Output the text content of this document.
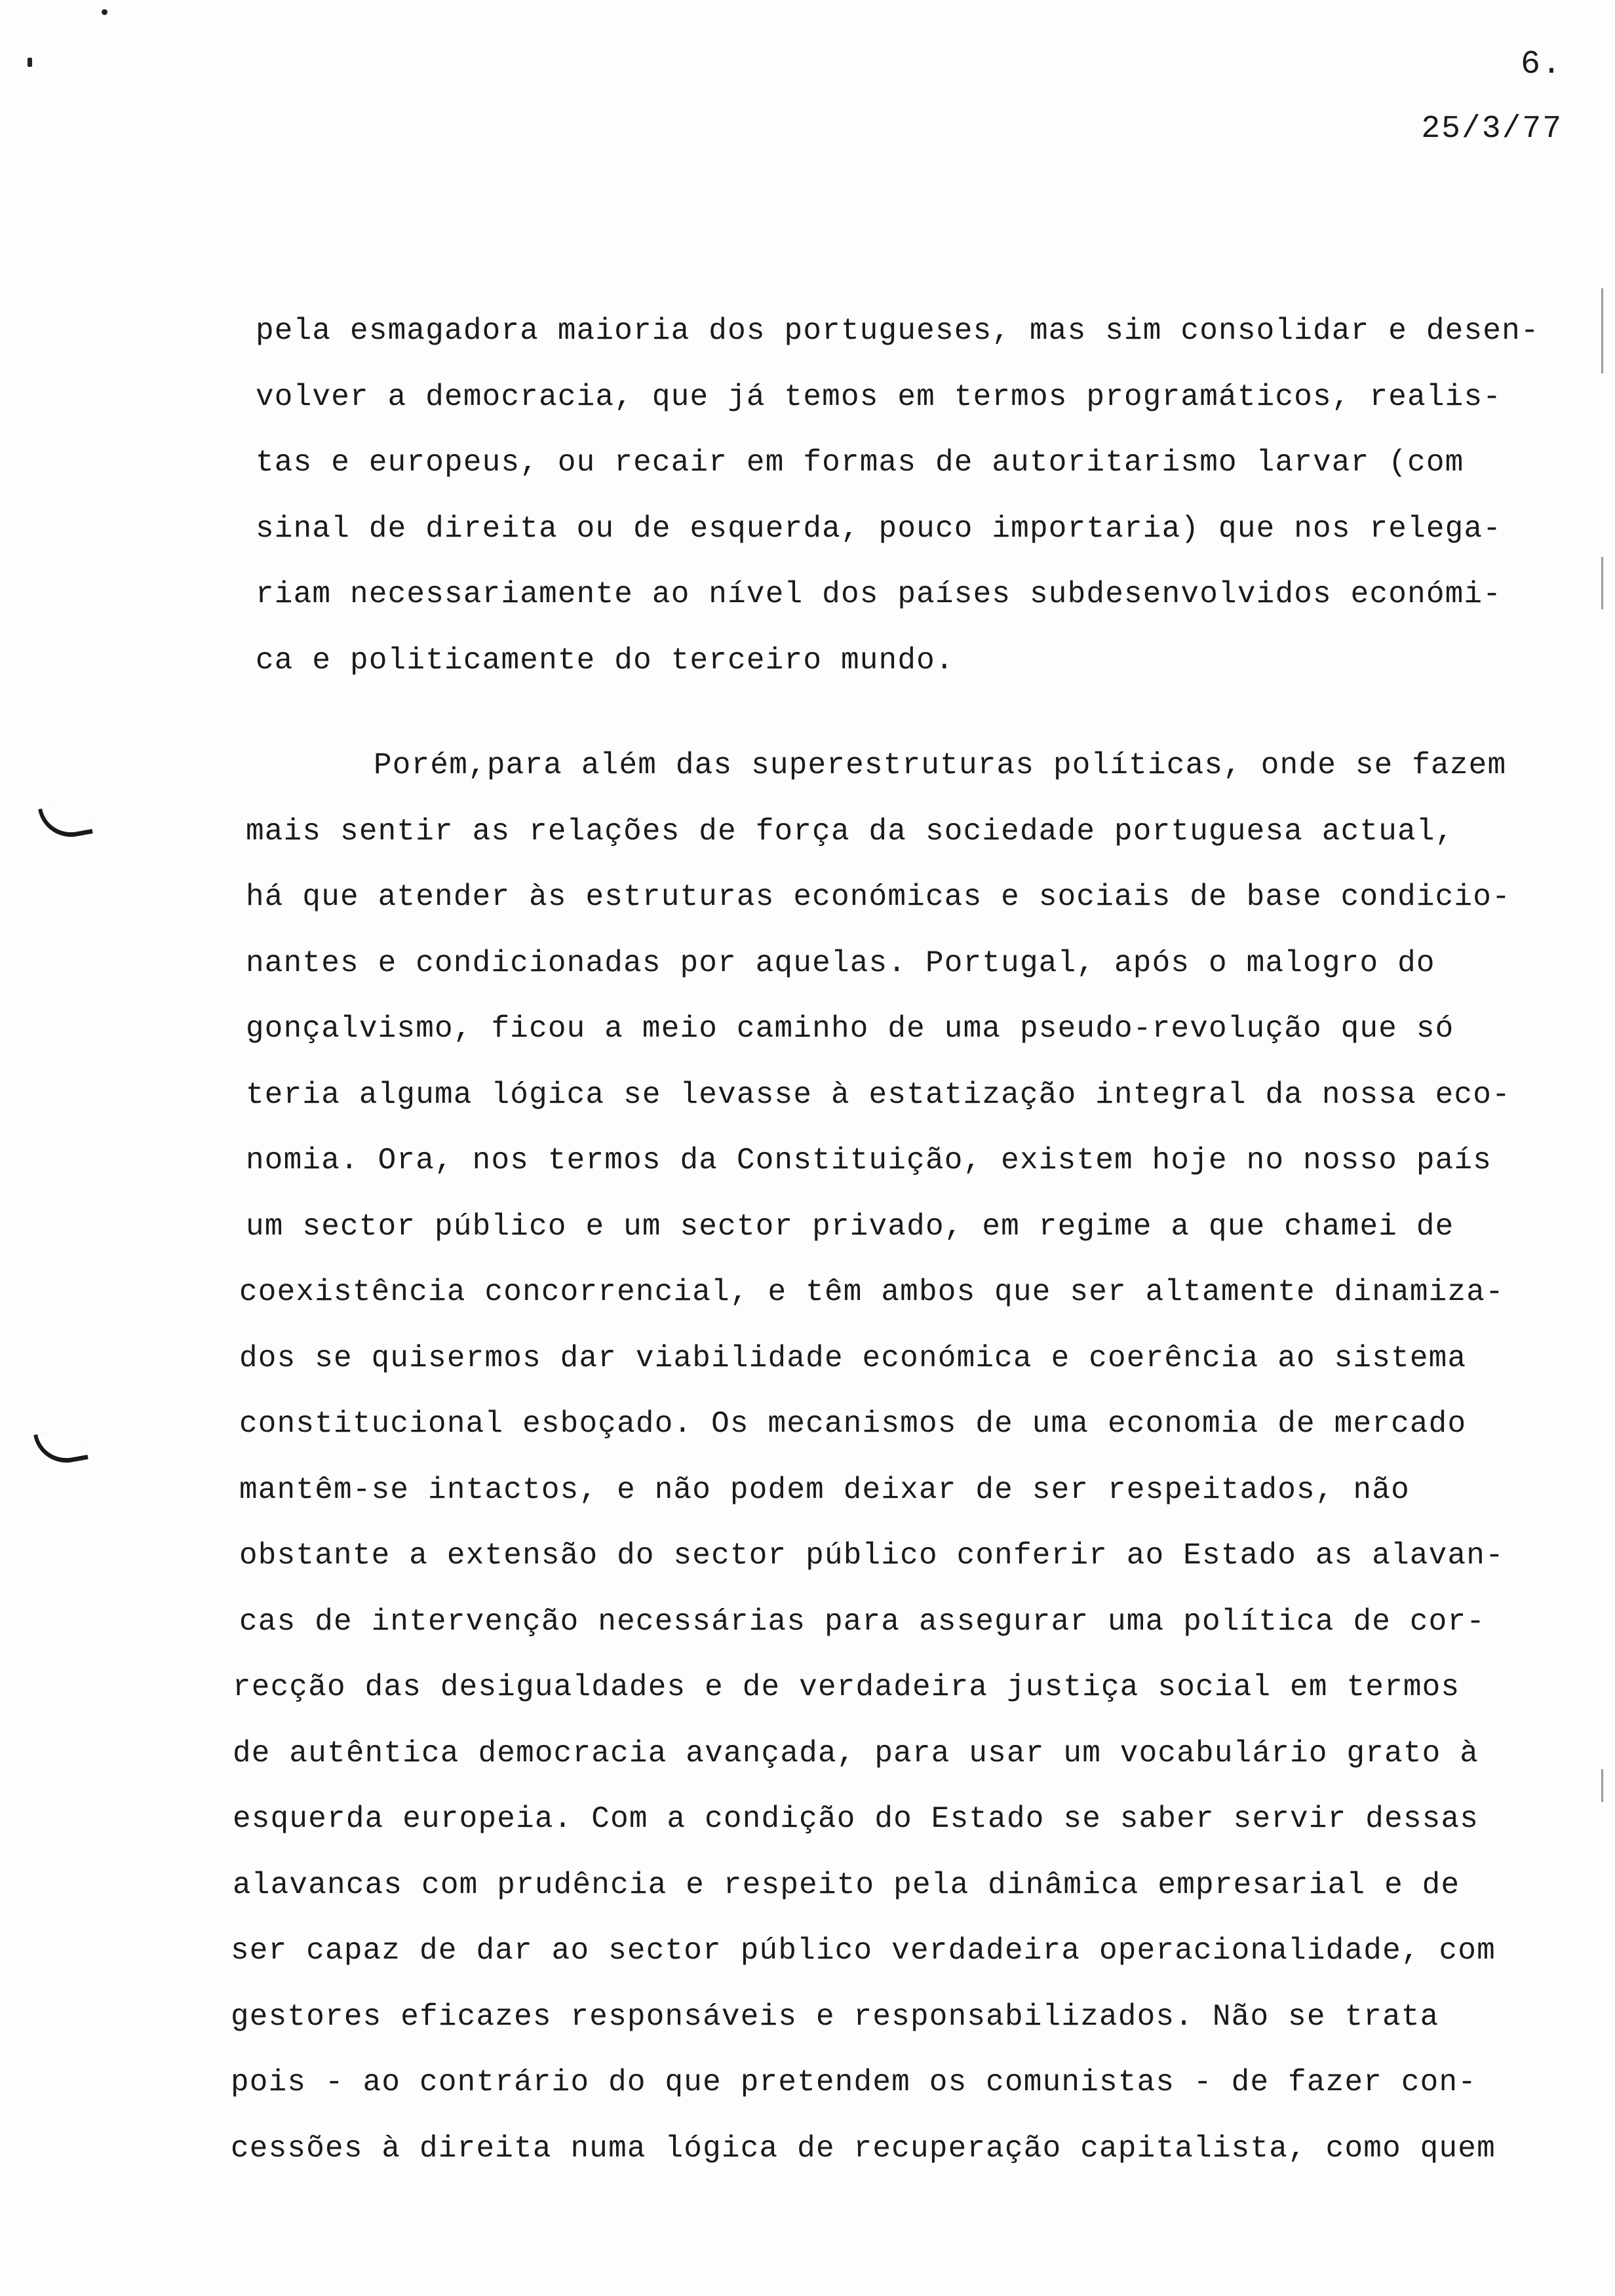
6.
25/3/77

pela esmagadora maioria dos portugueses, mas sim consolidar e desen-
volver a democracia, que já temos em termos programáticos, realis-
tas e europeus, ou recair em formas de autoritarismo larvar (com
sinal de direita ou de esquerda, pouco importaria) que nos relega-
riam necessariamente ao nível dos países subdesenvolvidos económi-
ca e politicamente do terceiro mundo.

Porém,para além das superestruturas políticas, onde se fazem
mais sentir as relações de força da sociedade portuguesa actual,
há que atender às estruturas económicas e sociais de base condicio-
nantes e condicionadas por aquelas. Portugal, após o malogro do
gonçalvismo, ficou a meio caminho de uma pseudo-revolução que só
teria alguma lógica se levasse à estatização integral da nossa eco-
nomia. Ora, nos termos da Constituição, existem hoje no nosso país
um sector público e um sector privado, em regime a que chamei de
coexistência concorrencial, e têm ambos que ser altamente dinamiza-
dos se quisermos dar viabilidade económica e coerência ao sistema
constitucional esboçado. Os mecanismos de uma economia de mercado
mantêm-se intactos, e não podem deixar de ser respeitados, não
obstante a extensão do sector público conferir ao Estado as alavan-
cas de intervenção necessárias para assegurar uma política de cor-
recção das desigualdades e de verdadeira justiça social em termos
de autêntica democracia avançada, para usar um vocabulário grato à
esquerda europeia. Com a condição do Estado se saber servir dessas
alavancas com prudência e respeito pela dinâmica empresarial e de
ser capaz de dar ao sector público verdadeira operacionalidade, com
gestores eficazes responsáveis e responsabilizados. Não se trata
pois - ao contrário do que pretendem os comunistas - de fazer con-
cessões à direita numa lógica de recuperação capitalista, como quem
